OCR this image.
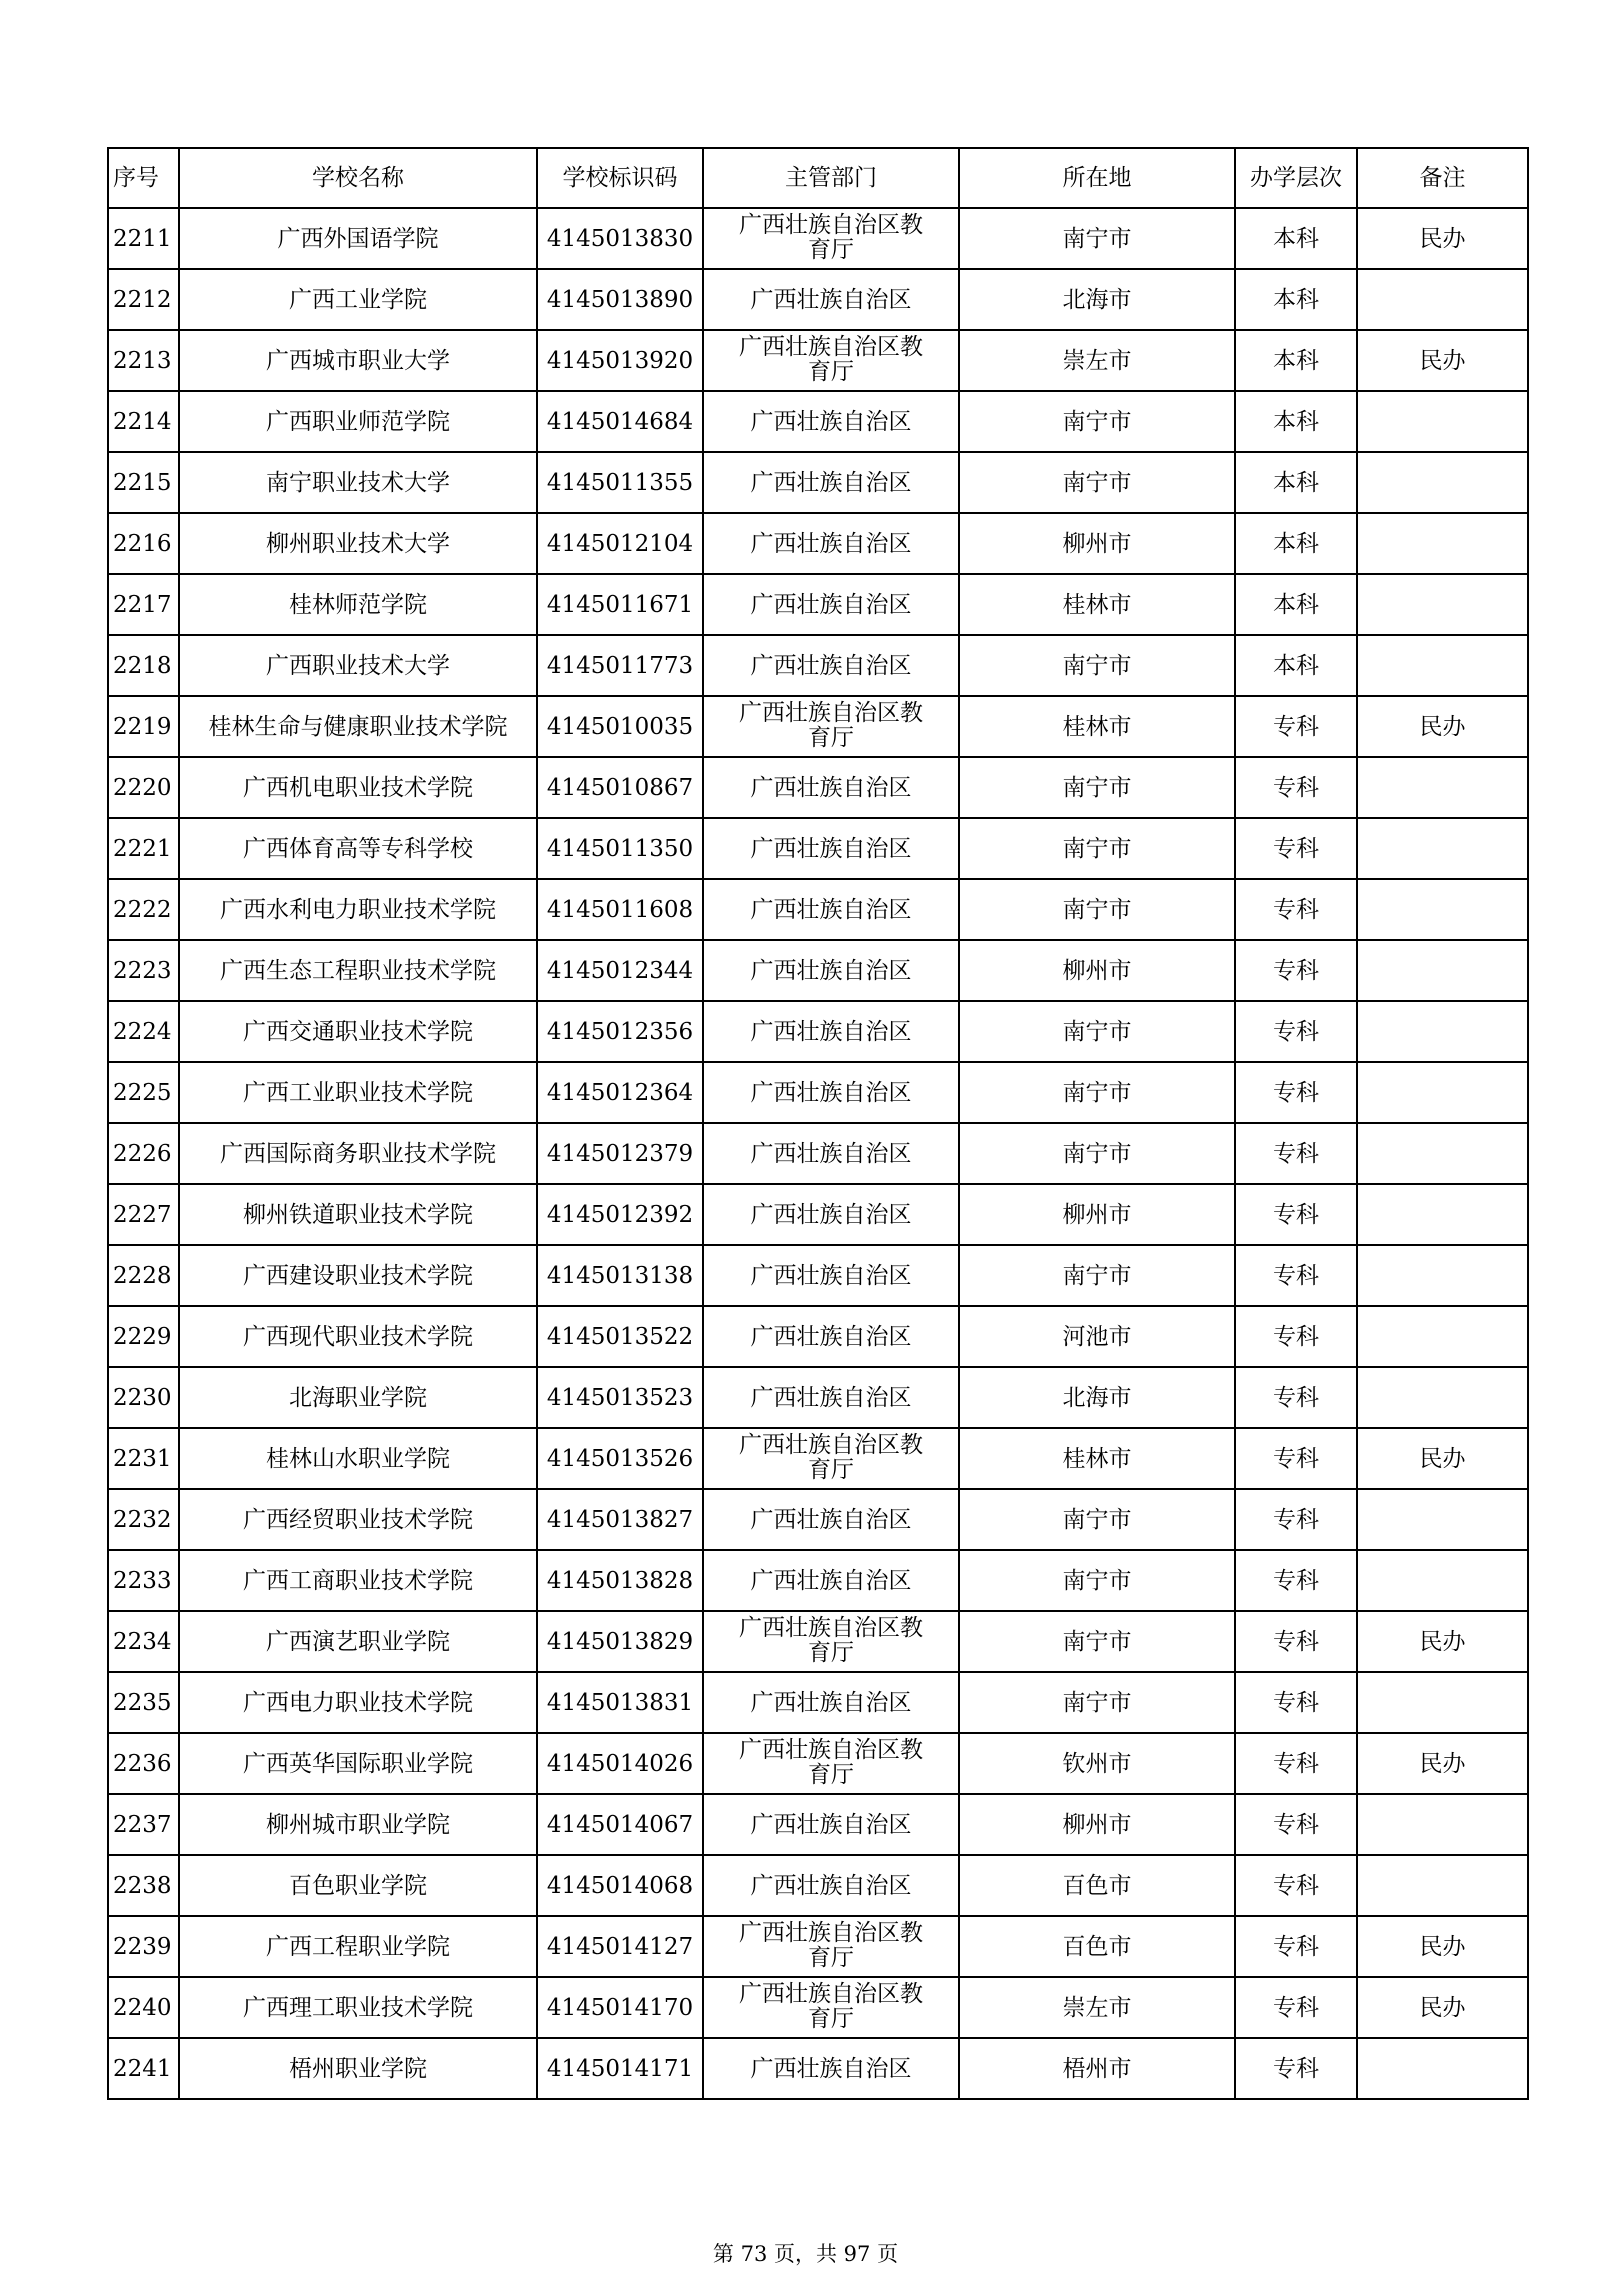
序号	学校名称	学校标识码	主管部门	所在地	办学层次	备注
2211	广西外国语学院	4145013830	广西壮族自治区教育厅	南宁市	本科	民办
2212	广西工业学院	4145013890	广西壮族自治区	北海市	本科	
2213	广西城市职业大学	4145013920	广西壮族自治区教育厅	崇左市	本科	民办
2214	广西职业师范学院	4145014684	广西壮族自治区	南宁市	本科	
2215	南宁职业技术大学	4145011355	广西壮族自治区	南宁市	本科	
2216	柳州职业技术大学	4145012104	广西壮族自治区	柳州市	本科	
2217	桂林师范学院	4145011671	广西壮族自治区	桂林市	本科	
2218	广西职业技术大学	4145011773	广西壮族自治区	南宁市	本科	
2219	桂林生命与健康职业技术学院	4145010035	广西壮族自治区教育厅	桂林市	专科	民办
2220	广西机电职业技术学院	4145010867	广西壮族自治区	南宁市	专科	
2221	广西体育高等专科学校	4145011350	广西壮族自治区	南宁市	专科	
2222	广西水利电力职业技术学院	4145011608	广西壮族自治区	南宁市	专科	
2223	广西生态工程职业技术学院	4145012344	广西壮族自治区	柳州市	专科	
2224	广西交通职业技术学院	4145012356	广西壮族自治区	南宁市	专科	
2225	广西工业职业技术学院	4145012364	广西壮族自治区	南宁市	专科	
2226	广西国际商务职业技术学院	4145012379	广西壮族自治区	南宁市	专科	
2227	柳州铁道职业技术学院	4145012392	广西壮族自治区	柳州市	专科	
2228	广西建设职业技术学院	4145013138	广西壮族自治区	南宁市	专科	
2229	广西现代职业技术学院	4145013522	广西壮族自治区	河池市	专科	
2230	北海职业学院	4145013523	广西壮族自治区	北海市	专科	
2231	桂林山水职业学院	4145013526	广西壮族自治区教育厅	桂林市	专科	民办
2232	广西经贸职业技术学院	4145013827	广西壮族自治区	南宁市	专科	
2233	广西工商职业技术学院	4145013828	广西壮族自治区	南宁市	专科	
2234	广西演艺职业学院	4145013829	广西壮族自治区教育厅	南宁市	专科	民办
2235	广西电力职业技术学院	4145013831	广西壮族自治区	南宁市	专科	
2236	广西英华国际职业学院	4145014026	广西壮族自治区教育厅	钦州市	专科	民办
2237	柳州城市职业学院	4145014067	广西壮族自治区	柳州市	专科	
2238	百色职业学院	4145014068	广西壮族自治区	百色市	专科	
2239	广西工程职业学院	4145014127	广西壮族自治区教育厅	百色市	专科	民办
2240	广西理工职业技术学院	4145014170	广西壮族自治区教育厅	崇左市	专科	民办
2241	梧州职业学院	4145014171	广西壮族自治区	梧州市	专科	
第 73 页，共 97 页
